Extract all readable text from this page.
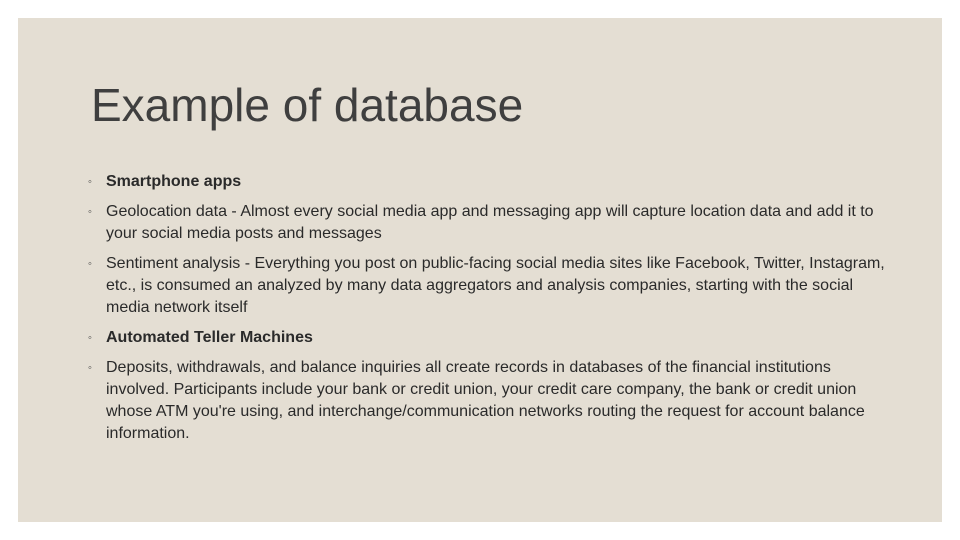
Example of database
◦ Smartphone apps
◦ Geolocation data - Almost every social media app and messaging app will capture location data and add it to your social media posts and messages
◦ Sentiment analysis - Everything you post on public-facing social media sites like Facebook, Twitter, Instagram, etc., is consumed an analyzed by many data aggregators and analysis companies, starting with the social media network itself
◦ Automated Teller Machines
◦ Deposits, withdrawals, and balance inquiries all create records in databases of the financial institutions involved. Participants include your bank or credit union, your credit care company, the bank or credit union whose ATM you're using, and interchange/communication networks routing the request for account balance information.
